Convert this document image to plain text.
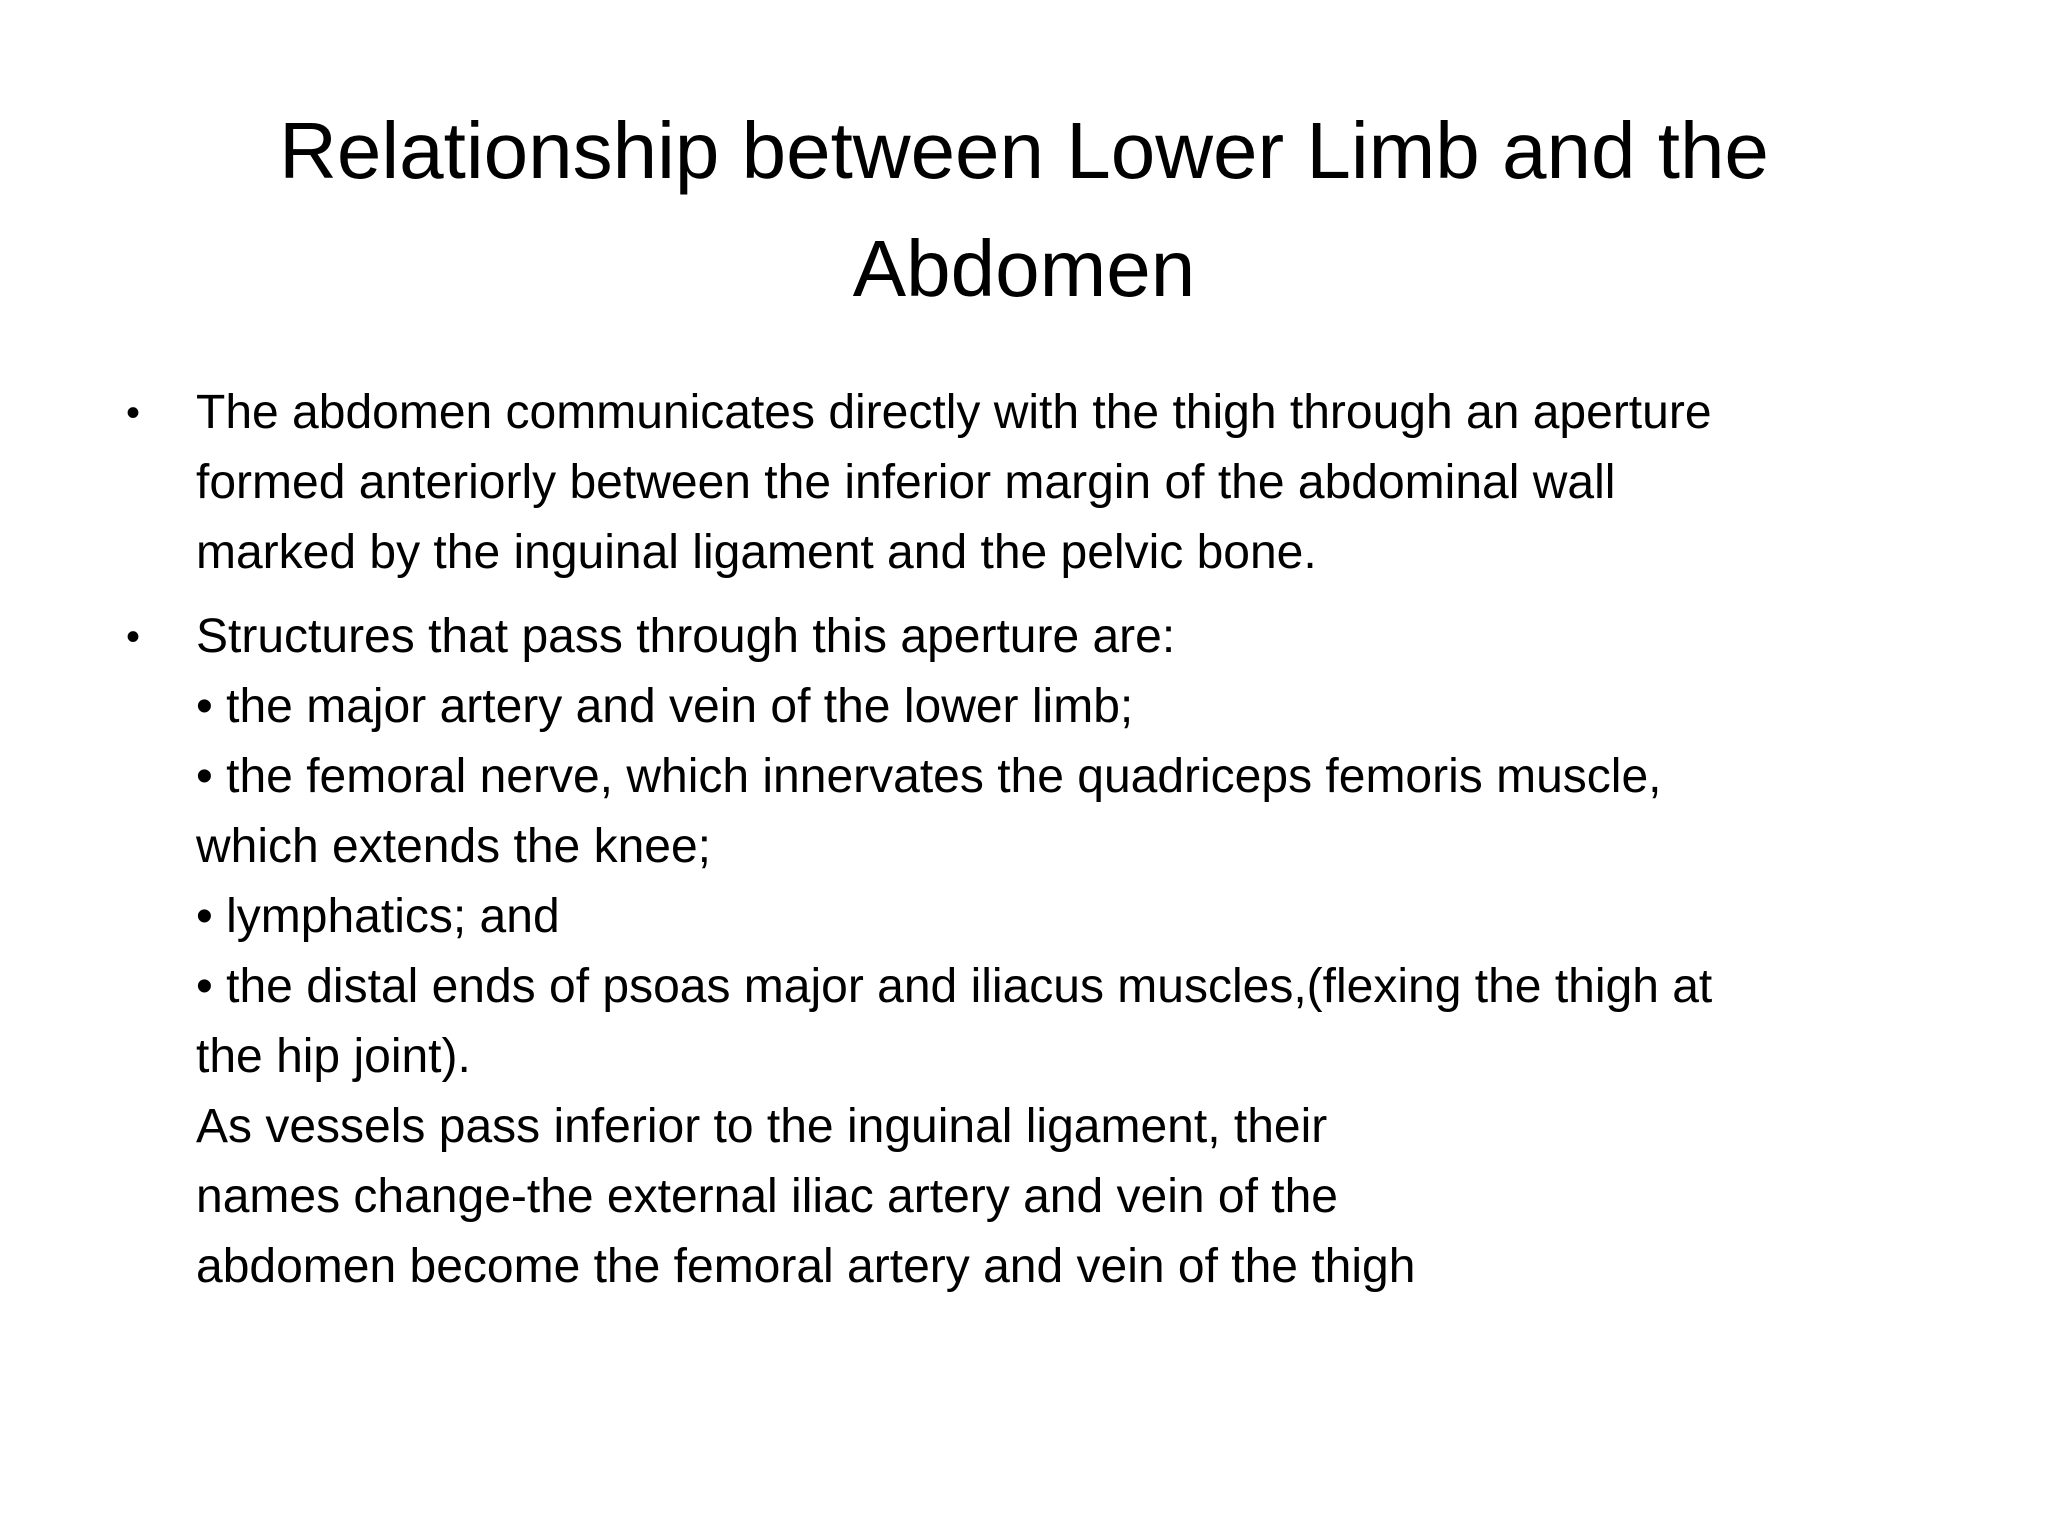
Relationship between Lower Limb and the
Abdomen
• The abdomen communicates directly with the thigh through an aperture
formed anteriorly between the inferior margin of the abdominal wall
marked by the inguinal ligament and the pelvic bone.
• Structures that pass through this aperture are:
• the major artery and vein of the lower limb;
• the femoral nerve, which innervates the quadriceps femoris muscle,
which extends the knee;
• lymphatics; and
• the distal ends of psoas major and iliacus muscles,(flexing the thigh at
the hip joint).
As vessels pass inferior to the inguinal ligament, their
names change-the external iliac artery and vein of the
abdomen become the femoral artery and vein of the thigh
